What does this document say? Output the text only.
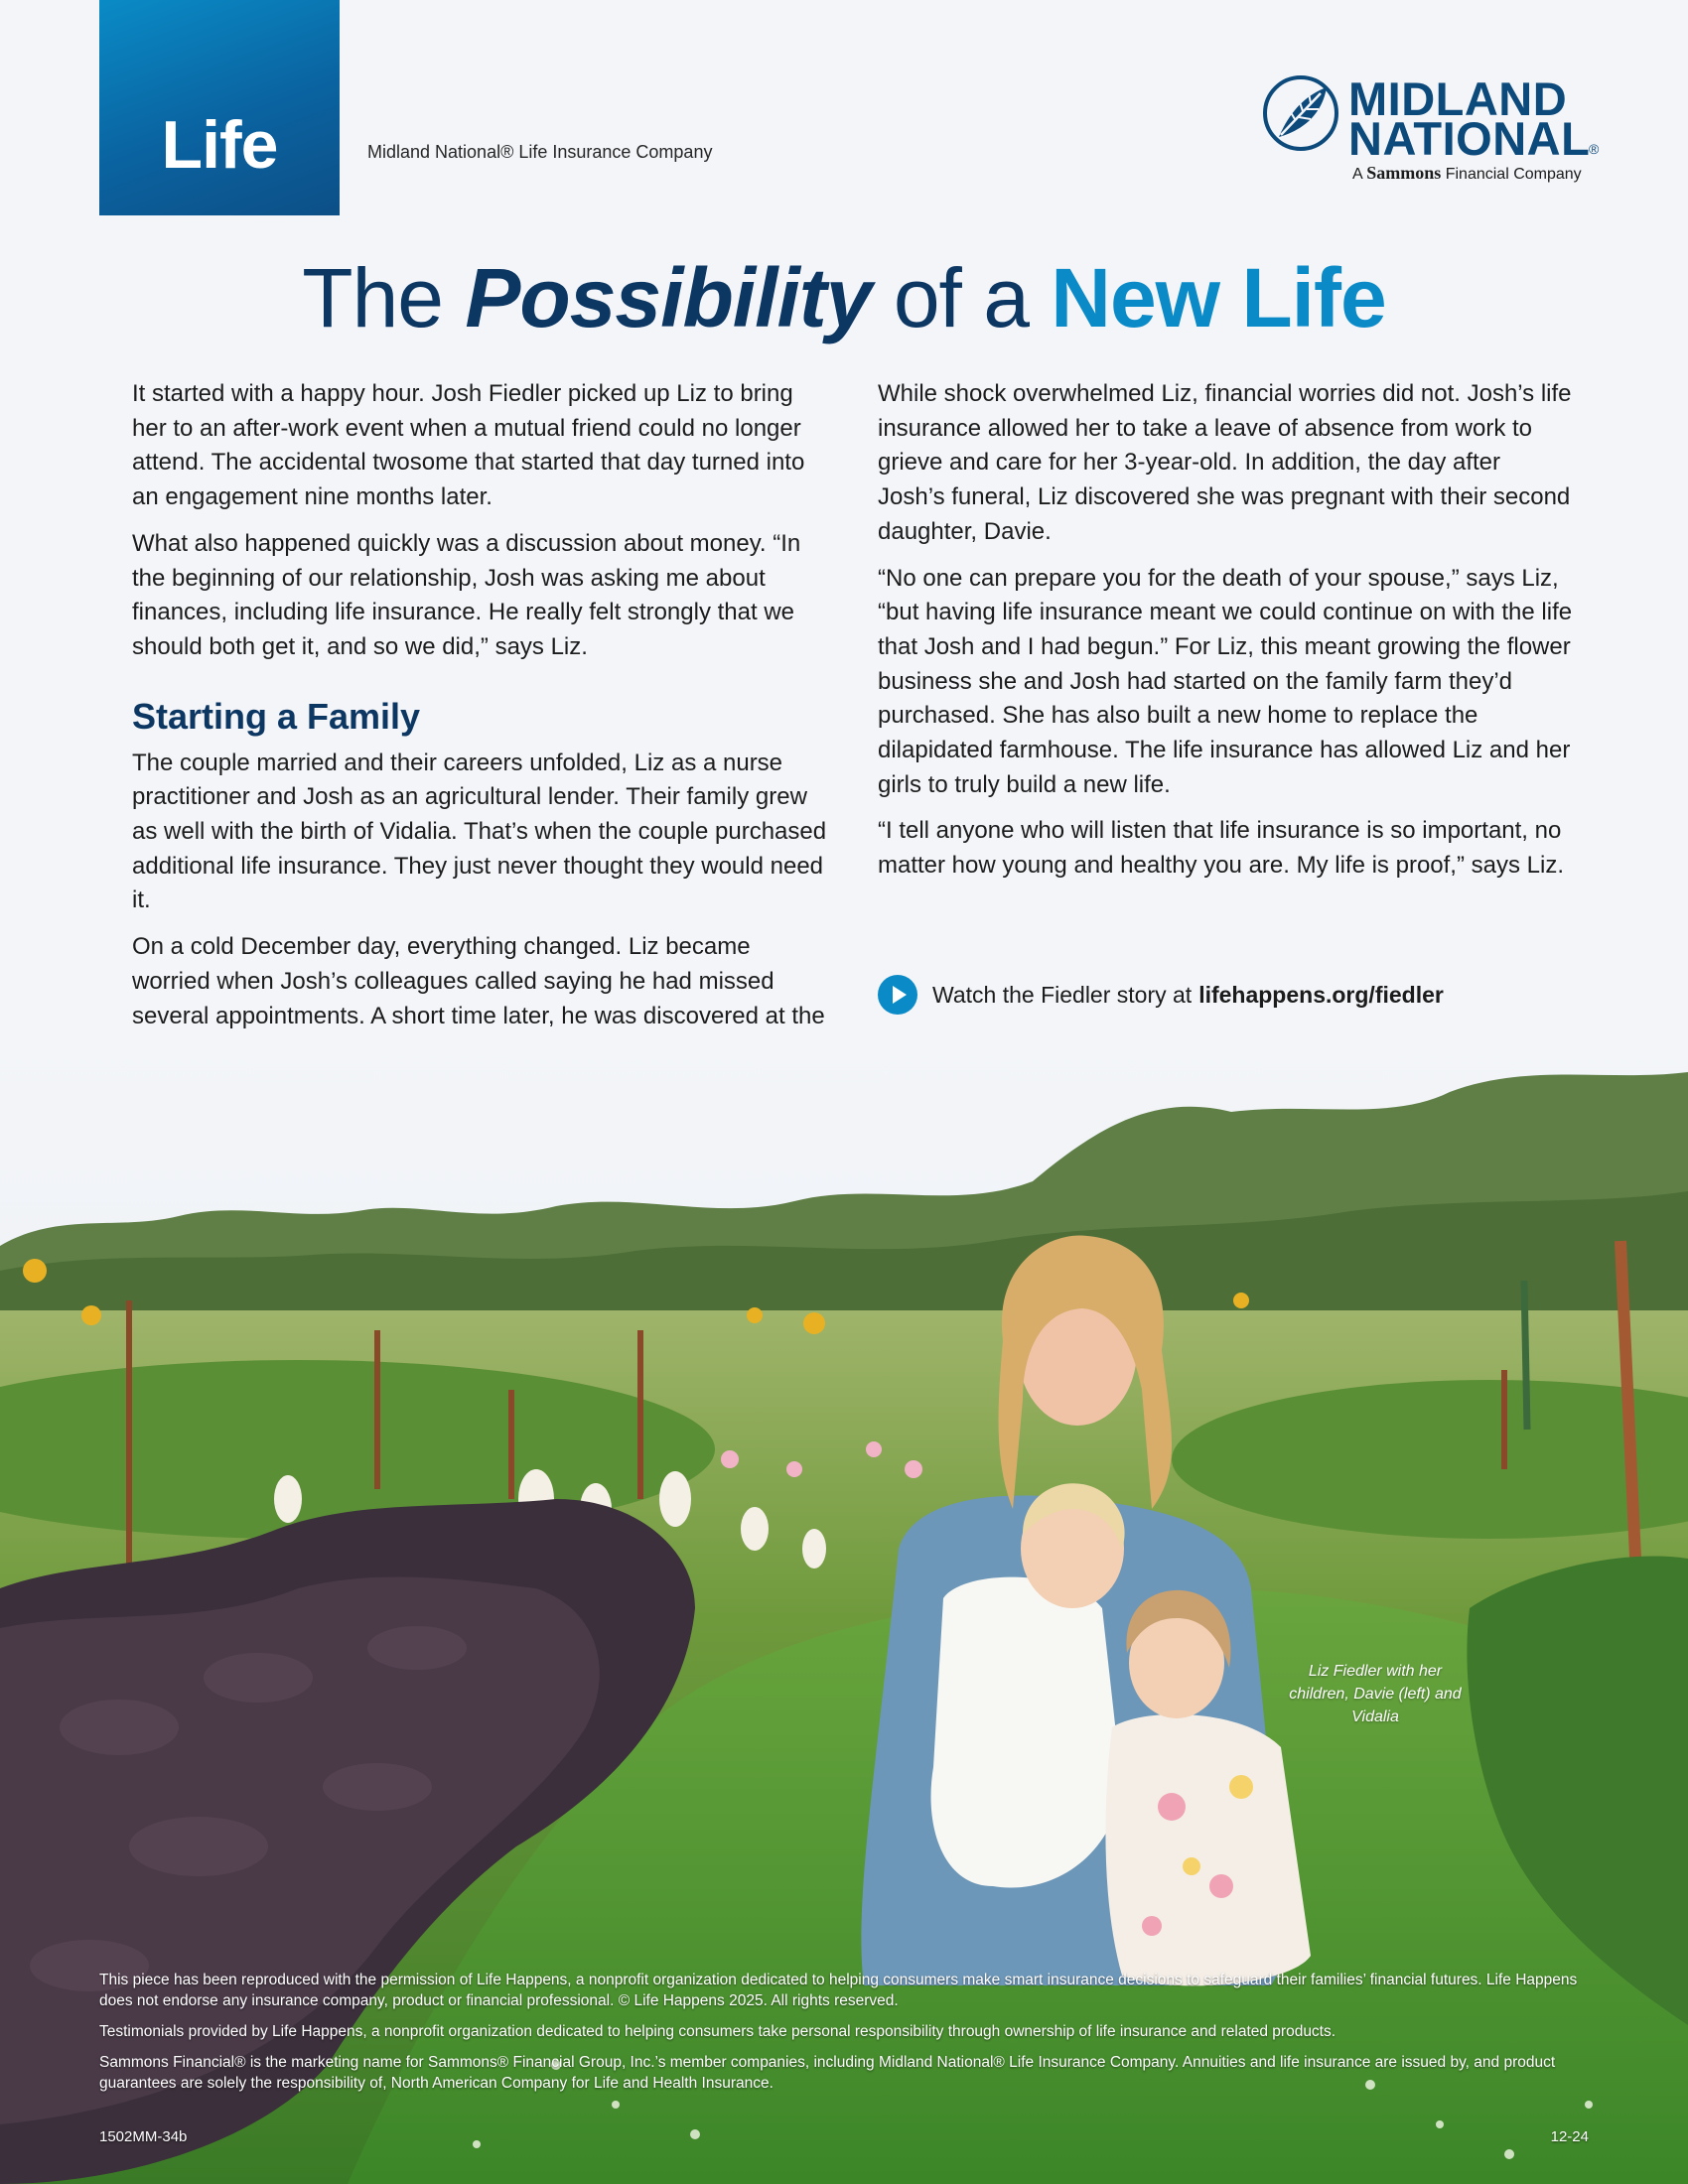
Life	Midland National® Life Insurance Company
MIDLAND
NATIONAL
®
A Sammons Financial Company
The Possibility of a New Life

It started with a happy hour. Josh Fiedler picked up Liz to bring her to an after-work event when a mutual friend could no longer attend. The accidental twosome that started that day turned into an engagement nine months later.

What also happened quickly was a discussion about money. “In the beginning of our relationship, Josh was asking me about finances, including life insurance. He really felt strongly that we should both get it, and so we did,” says Liz.

Starting a Family

The couple married and their careers unfolded, Liz as a nurse practitioner and Josh as an agricultural lender. Their family grew as well with the birth of Vidalia. That’s when the couple purchased additional life insurance. They just never thought they would need it.

On a cold December day, everything changed. Liz became worried when Josh’s colleagues called saying he had missed several appointments. A short time later, he was discovered at the

While shock overwhelmed Liz, financial worries did not. Josh’s life insurance allowed her to take a leave of absence from work to grieve and care for her 3-year-old. In addition, the day after Josh’s funeral, Liz discovered she was pregnant with their second daughter, Davie.

“No one can prepare you for the death of your spouse,” says Liz, “but having life insurance meant we could continue on with the life that Josh and I had begun.” For Liz, this meant growing the flower business she and Josh had started on the family farm they’d purchased. She has also built a new home to replace the dilapidated farmhouse. The life insurance has allowed Liz and her girls to truly build a new life.

“I tell anyone who will listen that life insurance is so important, no matter how young and healthy you are. My life is proof,” says Liz.

Watch the Fiedler story at lifehappens.org/fiedler
Liz Fiedler with her children, Davie (left) and Vidalia

This piece has been reproduced with the permission of Life Happens, a nonprofit organization dedicated to helping consumers make smart insurance decisions to safeguard their families’ financial futures. Life Happens does not endorse any insurance company, product or financial professional. © Life Happens 2025. All rights reserved.

Testimonials provided by Life Happens, a nonprofit organization dedicated to helping consumers take personal responsibility through ownership of life insurance and related products.

Sammons Financial® is the marketing name for Sammons® Financial Group, Inc.’s member companies, including Midland National® Life Insurance Company. Annuities and life insurance are issued by, and product guarantees are solely the responsibility of, North American Company for Life and Health Insurance.

1502MM-34b	12-24
